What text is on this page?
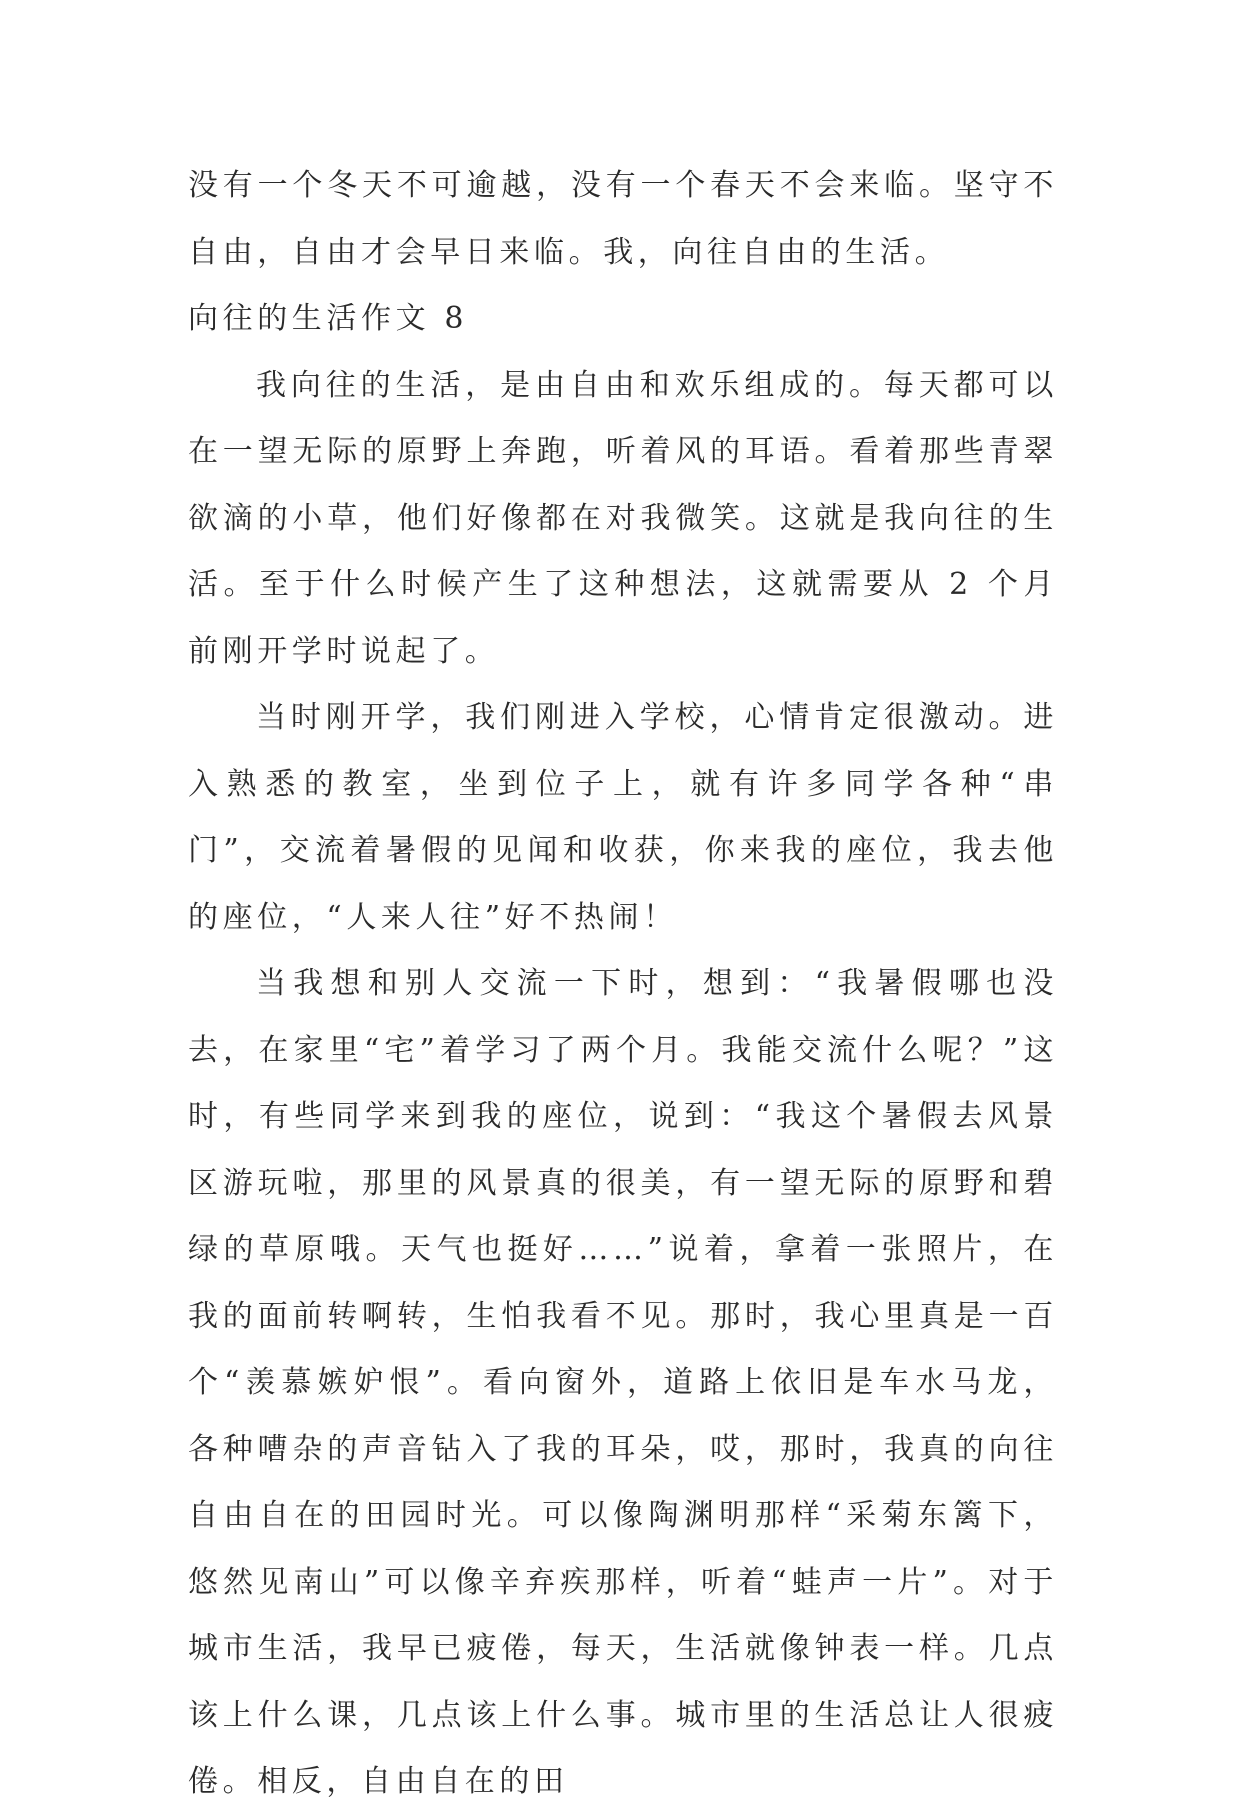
没有一个冬天不可逾越，没有一个春天不会来临。坚守不自由，自由才会早日来临。我，向往自由的生活。

向往的生活作文 8

我向往的生活，是由自由和欢乐组成的。每天都可以在一望无际的原野上奔跑，听着风的耳语。看着那些青翠欲滴的小草，他们好像都在对我微笑。这就是我向往的生活。至于什么时候产生了这种想法，这就需要从 2 个月前刚开学时说起了。

当时刚开学，我们刚进入学校，心情肯定很激动。进入熟悉的教室，坐到位子上，就有许多同学各种“串门”，交流着暑假的见闻和收获，你来我的座位，我去他的座位，“人来人往”好不热闹！

当我想和别人交流一下时，想到：“我暑假哪也没去，在家里“宅”着学习了两个月。我能交流什么呢？”这时，有些同学来到我的座位，说到：“我这个暑假去风景区游玩啦，那里的风景真的很美，有一望无际的原野和碧绿的草原哦。天气也挺好……”说着，拿着一张照片，在我的面前转啊转，生怕我看不见。那时，我心里真是一百个“羡慕嫉妒恨”。看向窗外，道路上依旧是车水马龙，各种嘈杂的声音钻入了我的耳朵，哎，那时，我真的向往自由自在的田园时光。可以像陶渊明那样“采菊东篱下，悠然见南山”可以像辛弃疾那样，听着“蛙声一片”。对于城市生活，我早已疲倦，每天，生活就像钟表一样。几点该上什么课，几点该上什么事。城市里的生活总让人很疲倦。相反，自由自在的田
